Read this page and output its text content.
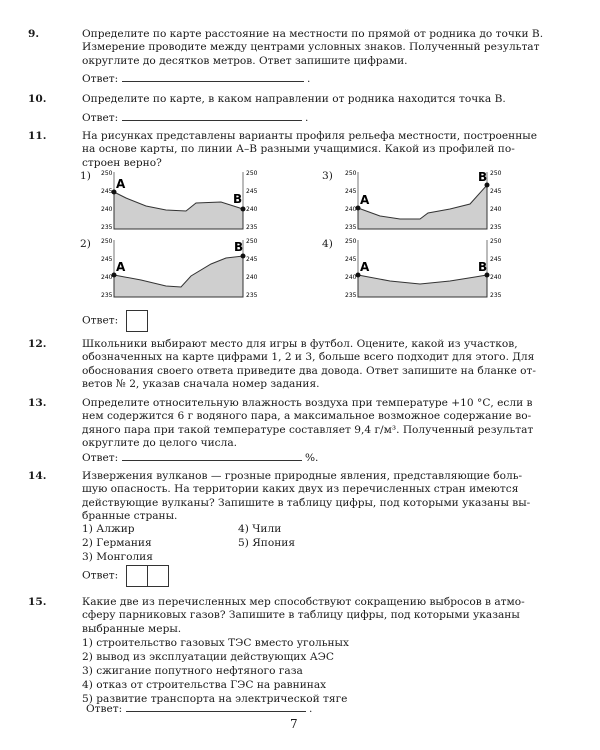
9.	Определите по карте расстояние на местности по прямой от родника до точки В.
Измерение проводите между центрами условных знаков. Полученный результат
округлите до десятков метров. Ответ запишите цифрами.
Ответ:	.
10.	Определите по карте, в каком направлении от родника находится точка В.
Ответ:	.
11.	На рисунках представлены варианты профиля рельефа местности, построенные
на основе карты, по линии А–В разными учащимися. Какой из профилей по-
строен верно?
1) 250
245
240
235
250
245
240
235
A
B
2) 250
245
240
235
250
245
240
235
A
B
3) 250
245
240
235
250
245
240
235
A
B
4) 250
245
240
235
250
245
240
235
A	B
Ответ:
12.	Школьники выбирают место для игры в футбол. Оцените, какой из участков,
обозначенных на карте цифрами 1, 2 и 3, больше всего подходит для этого. Для
обоснования своего ответа приведите два довода. Ответ запишите на бланке от-
ветов № 2, указав сначала номер задания.
13.	Определите относительную влажность воздуха при температуре +10 °С, если в
нем содержится 6 г водяного пара, а максимальное возможное содержание во-
дяного пара при такой температуре составляет 9,4 г/м³. Полученный результат
округлите до целого числа.
Ответ:	%.
14.	Извержения вулканов — грозные природные явления, представляющие боль-
шую опасность. На территории каких двух из перечисленных стран имеются
действующие вулканы? Запишите в таблицу цифры, под которыми указаны вы-
бранные страны.
1) Алжир
2) Германия
3) Монголия
4) Чили
5) Япония
Ответ:
15.	Какие две из перечисленных мер способствуют сокращению выбросов в атмо-
сферу парниковых газов? Запишите в таблицу цифры, под которыми указаны
выбранные меры.
1) строительство газовых ТЭС вместо угольных
2) вывод из эксплуатации действующих АЭС
3) сжигание попутного нефтяного газа
4) отказ от строительства ГЭС на равнинах
5) развитие транспорта на электрической тяге
Ответ:	.
7
